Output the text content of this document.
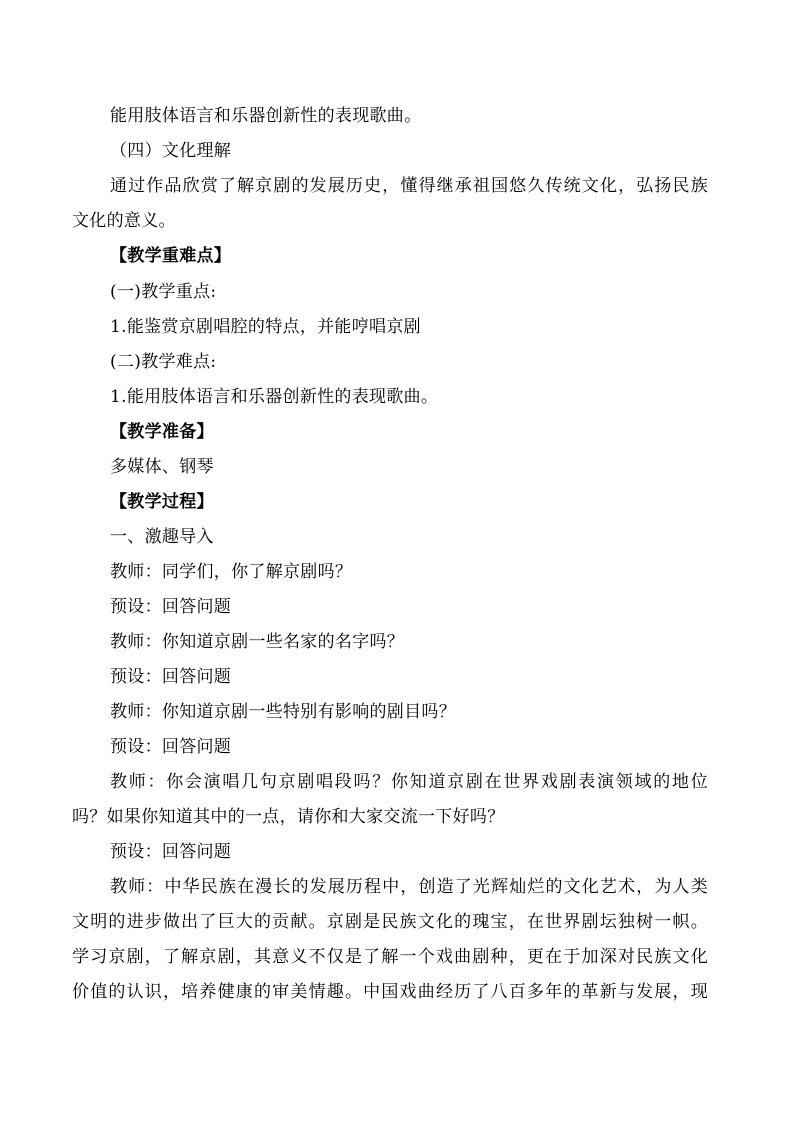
能用肢体语言和乐器创新性的表现歌曲。
（四）文化理解
通过作品欣赏了解京剧的发展历史，懂得继承祖国悠久传统文化，弘扬民族
文化的意义。
【教学重难点】
(一)教学重点:
1.能鉴赏京剧唱腔的特点，并能哼唱京剧
(二)教学难点:
1.能用肢体语言和乐器创新性的表现歌曲。
【教学准备】
多媒体、钢琴
【教学过程】
一、激趣导入
教师：同学们，你了解京剧吗？
预设：回答问题
教师：你知道京剧一些名家的名字吗？
预设：回答问题
教师：你知道京剧一些特别有影响的剧目吗？
预设：回答问题
教师：你会演唱几句京剧唱段吗？你知道京剧在世界戏剧表演领域的地位
吗？如果你知道其中的一点，请你和大家交流一下好吗？
预设：回答问题
教师：中华民族在漫长的发展历程中，创造了光辉灿烂的文化艺术，为人类
文明的进步做出了巨大的贡献。京剧是民族文化的瑰宝，在世界剧坛独树一帜。
学习京剧，了解京剧，其意义不仅是了解一个戏曲剧种，更在于加深对民族文化
价值的认识，培养健康的审美情趣。中国戏曲经历了八百多年的革新与发展，现
